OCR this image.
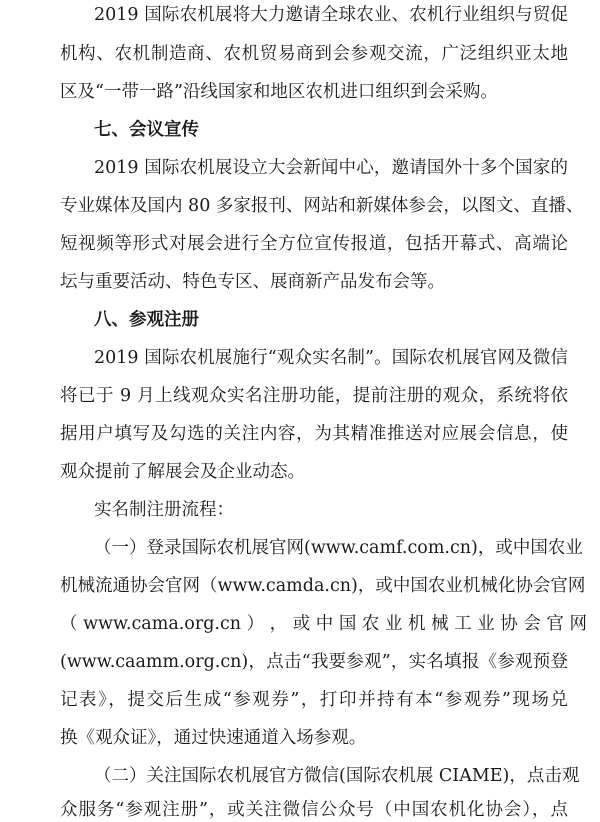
2019 国际农机展将大力邀请全球农业、农机行业组织与贸促
机构、农机制造商、农机贸易商到会参观交流，广泛组织亚太地
区及“一带一路”沿线国家和地区农机进口组织到会采购。
七、会议宣传
2019 国际农机展设立大会新闻中心，邀请国外十多个国家的
专业媒体及国内 80 多家报刊、网站和新媒体参会，以图文、直播、
短视频等形式对展会进行全方位宣传报道，包括开幕式、高端论
坛与重要活动、特色专区、展商新产品发布会等。
八、参观注册
2019 国际农机展施行“观众实名制”。国际农机展官网及微信
将已于 9 月上线观众实名注册功能，提前注册的观众，系统将依
据用户填写及勾选的关注内容，为其精准推送对应展会信息，使
观众提前了解展会及企业动态。
实名制注册流程：
（一）登录国际农机展官网(www.camf.com.cn)，或中国农业
机械流通协会官网（www.camda.cn)，或中国农业机械化协会官网
（ www.cama.org.cn ） ， 或 中 国 农 业 机 械 工 业 协 会 官 网
(www.caamm.org.cn)，点击“我要参观”，实名填报《参观预登
记表》，提交后生成“参观券”，打印并持有本“参观券”现场兑
换《观众证》，通过快速通道入场参观。
（二）关注国际农机展官方微信(国际农机展 CIAME)，点击观
众服务“参观注册”，或关注微信公众号（中国农机化协会），点
